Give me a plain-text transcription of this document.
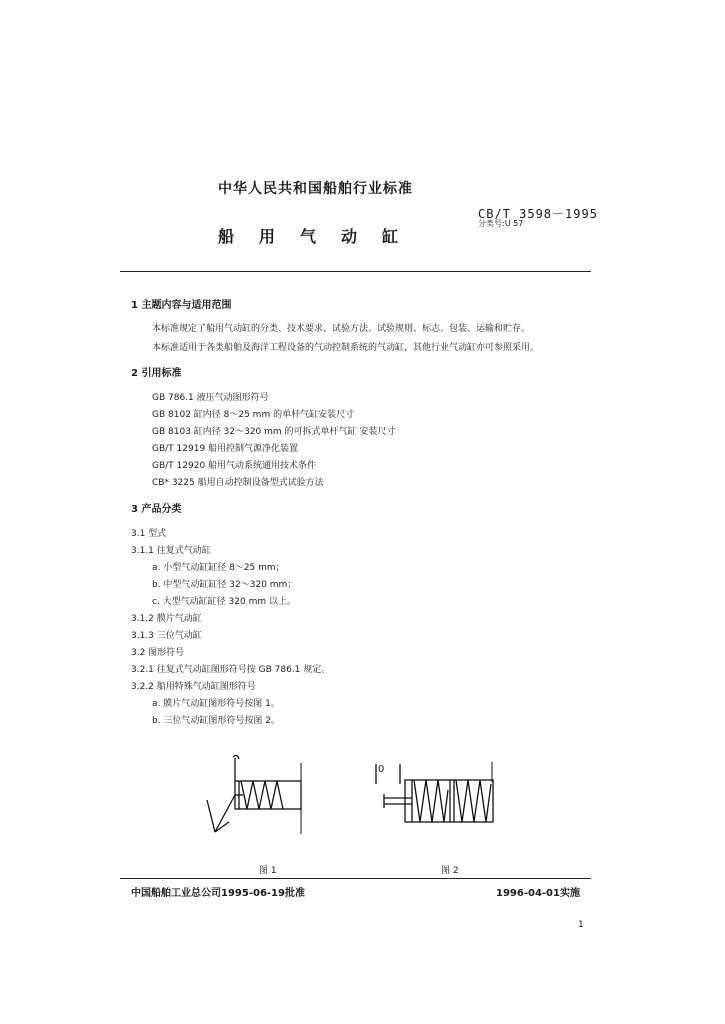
中华人民共和国船舶行业标准
CB/T 3598－1995
分类号:U 57
船 用 气 动 缸
1 主题内容与适用范围
本标准规定了船用气动缸的分类、技术要求、试验方法、试验规则、标志、包装、运输和贮存。
本标准适用于各类船舶及海洋工程设备的气动控制系统的气动缸，其他行业气动缸亦可参照采用。
2 引用标准
GB 786.1 液压气动图形符号
GB 8102 缸内径 8～25 mm 的单杆气缸安装尺寸
GB 8103 缸内径 32～320 mm 的可拆式单杆气缸 安装尺寸
GB/T 12919 船用控制气源净化装置
GB/T 12920 船用气动系统通用技术条件
CB* 3225 船用自动控制设备型式试验方法
3 产品分类
3.1 型式
3.1.1 往复式气动缸
a. 小型气动缸缸径 8～25 mm；
b. 中型气动缸缸径 32～320 mm；
c. 大型气动缸缸径 320 mm 以上。
3.1.2 膜片气动缸
3.1.3 三位气动缸
3.2 图形符号
3.2.1 往复式气动缸图形符号按 GB 786.1 规定。
3.2.2 船用特殊气动缸图形符号
a. 膜片气动缸图形符号按图 1。
b. 三位气动缸图形符号按图 2。
0
图 1	图 2
中国船舶工业总公司1995-06-19批准	1996-04-01实施
1
